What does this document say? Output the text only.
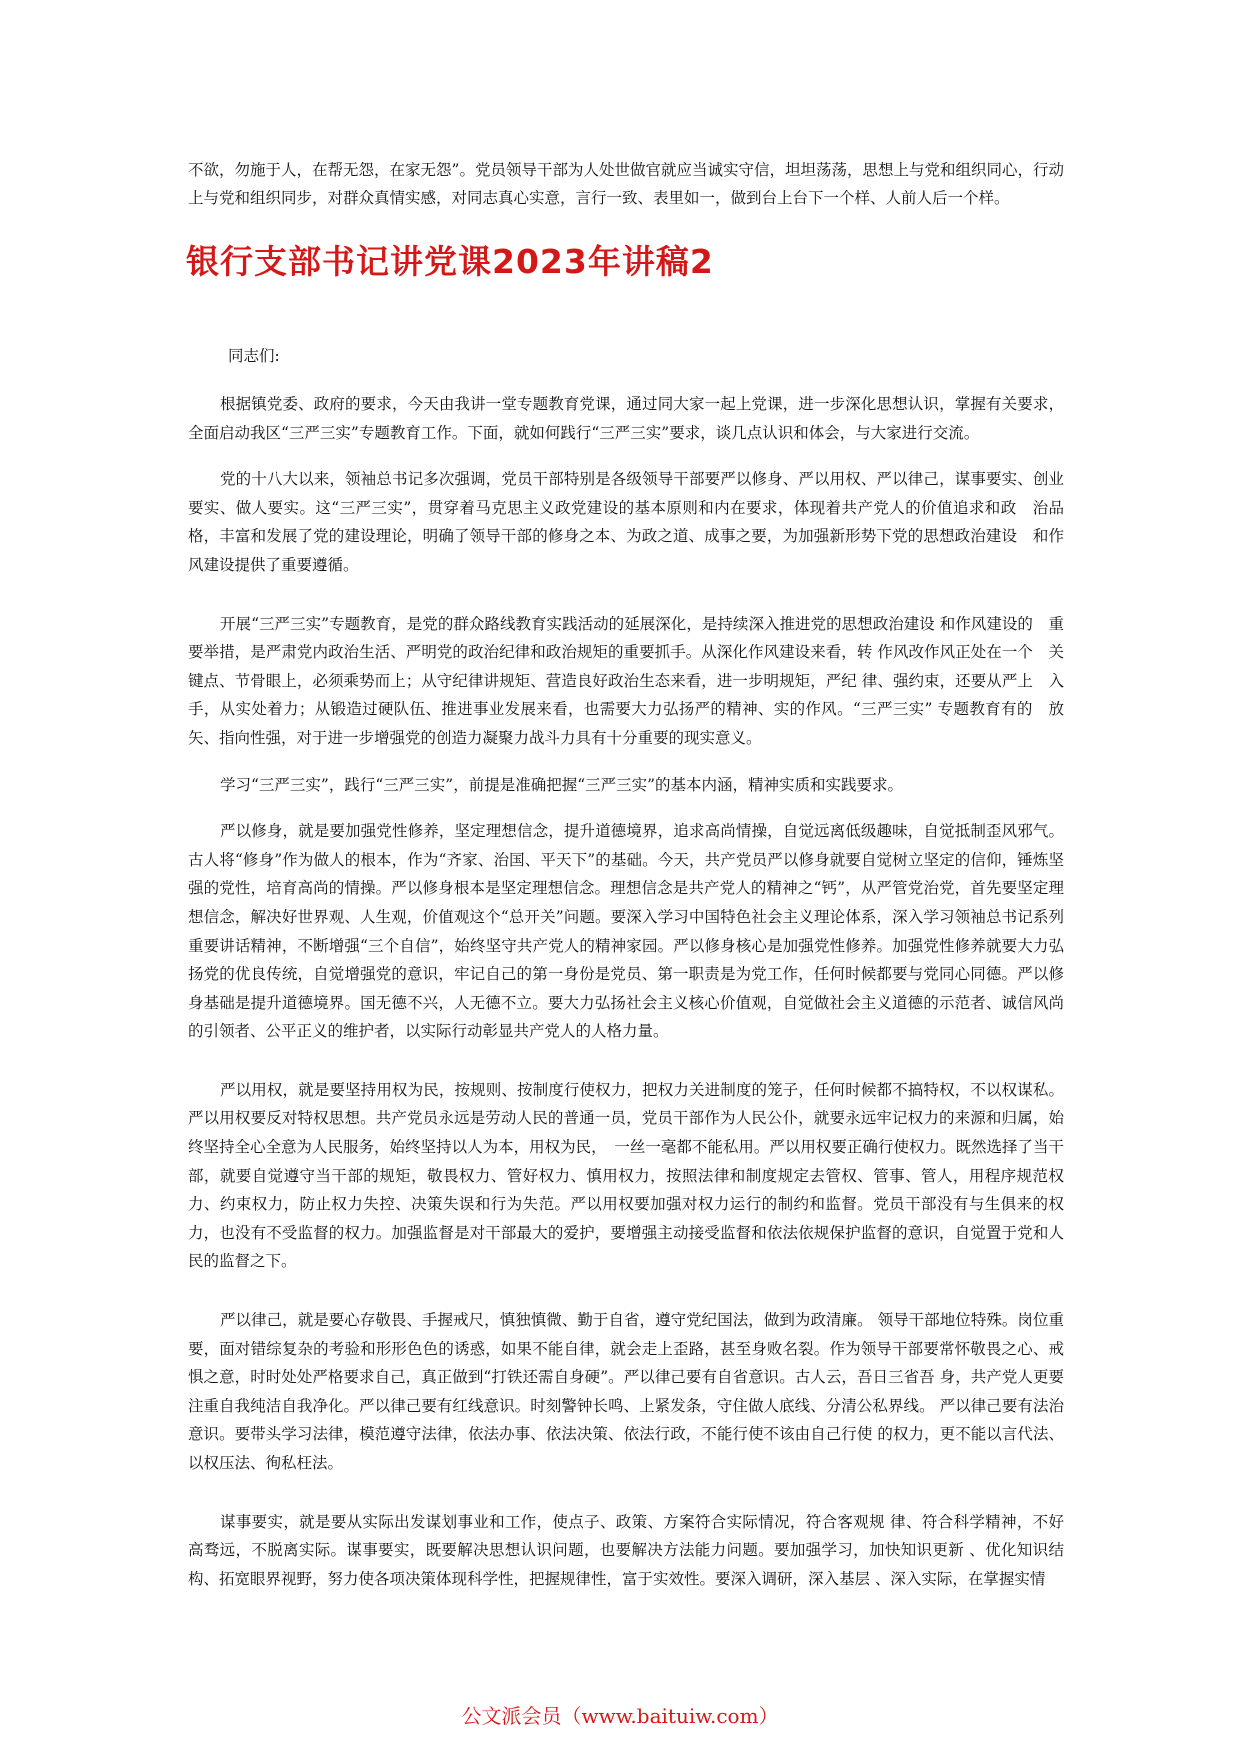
不欲，勿施于人，在帮无怨，在家无怨”。党员领导干部为人处世做官就应当诚实守信，坦坦荡荡，思想上与党和组织同心，行动上与党和组织同步，对群众真情实感，对同志真心实意，言行一致、表里如一，做到台上台下一个样、人前人后一个样。

银行支部书记讲党课2023年讲稿2

同志们:

根据镇党委、政府的要求，今天由我讲一堂专题教育党课，通过同大家一起上党课，进一步深化思想认识，掌握有关要求，全面启动我区“三严三实”专题教育工作。下面，就如何践行“三严三实”要求，谈几点认识和体会，与大家进行交流。

党的十八大以来，领袖总书记多次强调，党员干部特别是各级领导干部要严以修身、严以用权、严以律己，谋事要实、创业要实、做人要实。这“三严三实”，贯穿着马克思主义政党建设的基本原则和内在要求，体现着共产党人的价值追求和政　治品格，丰富和发展了党的建设理论，明确了领导干部的修身之本、为政之道、成事之要，为加强新形势下党的思想政治建设　和作风建设提供了重要遵循。

开展“三严三实”专题教育，是党的群众路线教育实践活动的延展深化，是持续深入推进党的思想政治建设 和作风建设的　重要举措，是严肃党内政治生活、严明党的政治纪律和政治规矩的重要抓手。从深化作风建设来看，转 作风改作风正处在一个　关键点、节骨眼上，必须乘势而上；从守纪律讲规矩、营造良好政治生态来看，进一步明规矩，严纪 律、强约束，还要从严上　入手，从实处着力；从锻造过硬队伍、推进事业发展来看，也需要大力弘扬严的精神、实的作风。“三严三实” 专题教育有的　放矢、指向性强，对于进一步增强党的创造力凝聚力战斗力具有十分重要的现实意义。

学习“三严三实”，践行“三严三实”，前提是准确把握“三严三实”的基本内涵，精神实质和实践要求。

严以修身，就是要加强党性修养，坚定理想信念，提升道德境界，追求高尚情操，自觉远离低级趣味，自觉抵制歪风邪气。古人将“修身”作为做人的根本，作为“齐家、治国、平天下”的基础。今天，共产党员严以修身就要自觉树立坚定的信仰，锤炼坚强的党性，培育高尚的情操。严以修身根本是坚定理想信念。理想信念是共产党人的精神之“钙”，从严管党治党，首先要坚定理想信念，解决好世界观、人生观，价值观这个“总开关”问题。要深入学习中国特色社会主义理论体系，深入学习领袖总书记系列重要讲话精神，不断增强“三个自信”，始终坚守共产党人的精神家园。严以修身核心是加强党性修养。加强党性修养就要大力弘扬党的优良传统，自觉增强党的意识，牢记自己的第一身份是党员、第一职责是为党工作，任何时候都要与党同心同德。严以修身基础是提升道德境界。国无德不兴，人无德不立。要大力弘扬社会主义核心价值观，自觉做社会主义道德的示范者、诚信风尚的引领者、公平正义的维护者，以实际行动彰显共产党人的人格力量。

严以用权，就是要坚持用权为民，按规则、按制度行使权力，把权力关进制度的笼子，任何时候都不搞特权，不以权谋私。严以用权要反对特权思想。共产党员永远是劳动人民的普通一员，党员干部作为人民公仆，就要永远牢记权力的来源和归属，始终坚持全心全意为人民服务，始终坚持以人为本，用权为民，　一丝一毫都不能私用。严以用权要正确行使权力。既然选择了当干部，就要自觉遵守当干部的规矩，敬畏权力、管好权力、慎用权力，按照法律和制度规定去管权、管事、管人，用程序规范权力、约束权力，防止权力失控、决策失误和行为失范。严以用权要加强对权力运行的制约和监督。党员干部没有与生俱来的权力，也没有不受监督的权力。加强监督是对干部最大的爱护，要增强主动接受监督和依法依规保护监督的意识，自觉置于党和人民的监督之下。

严以律己，就是要心存敬畏、手握戒尺，慎独慎微、勤于自省，遵守党纪国法，做到为政清廉。 领导干部地位特殊。岗位重要，面对错综复杂的考验和形形色色的诱惑，如果不能自律，就会走上歪路，甚至身败名裂。作为领导干部要常怀敬畏之心、戒惧之意，时时处处严格要求自己，真正做到“打铁还需自身硬”。严以律己要有自省意识。古人云，吾日三省吾 身，共产党人更要注重自我纯洁自我净化。严以律己要有红线意识。时刻警钟长鸣、上紧发条，守住做人底线、分清公私界线。 严以律己要有法治意识。要带头学习法律，模范遵守法律，依法办事、依法决策、依法行政，不能行使不该由自己行使 的权力，更不能以言代法、以权压法、徇私枉法。

谋事要实，就是要从实际出发谋划事业和工作，使点子、政策、方案符合实际情况，符合客观规 律、符合科学精神，不好　高骛远，不脱离实际。谋事要实，既要解决思想认识问题，也要解决方法能力问题。要加强学习，加快知识更新 、优化知识结　构、拓宽眼界视野，努力使各项决策体现科学性，把握规律性，富于实效性。要深入调研，深入基层 、深入实际，在掌握实情

公文派会员（www.baituiw.com）
